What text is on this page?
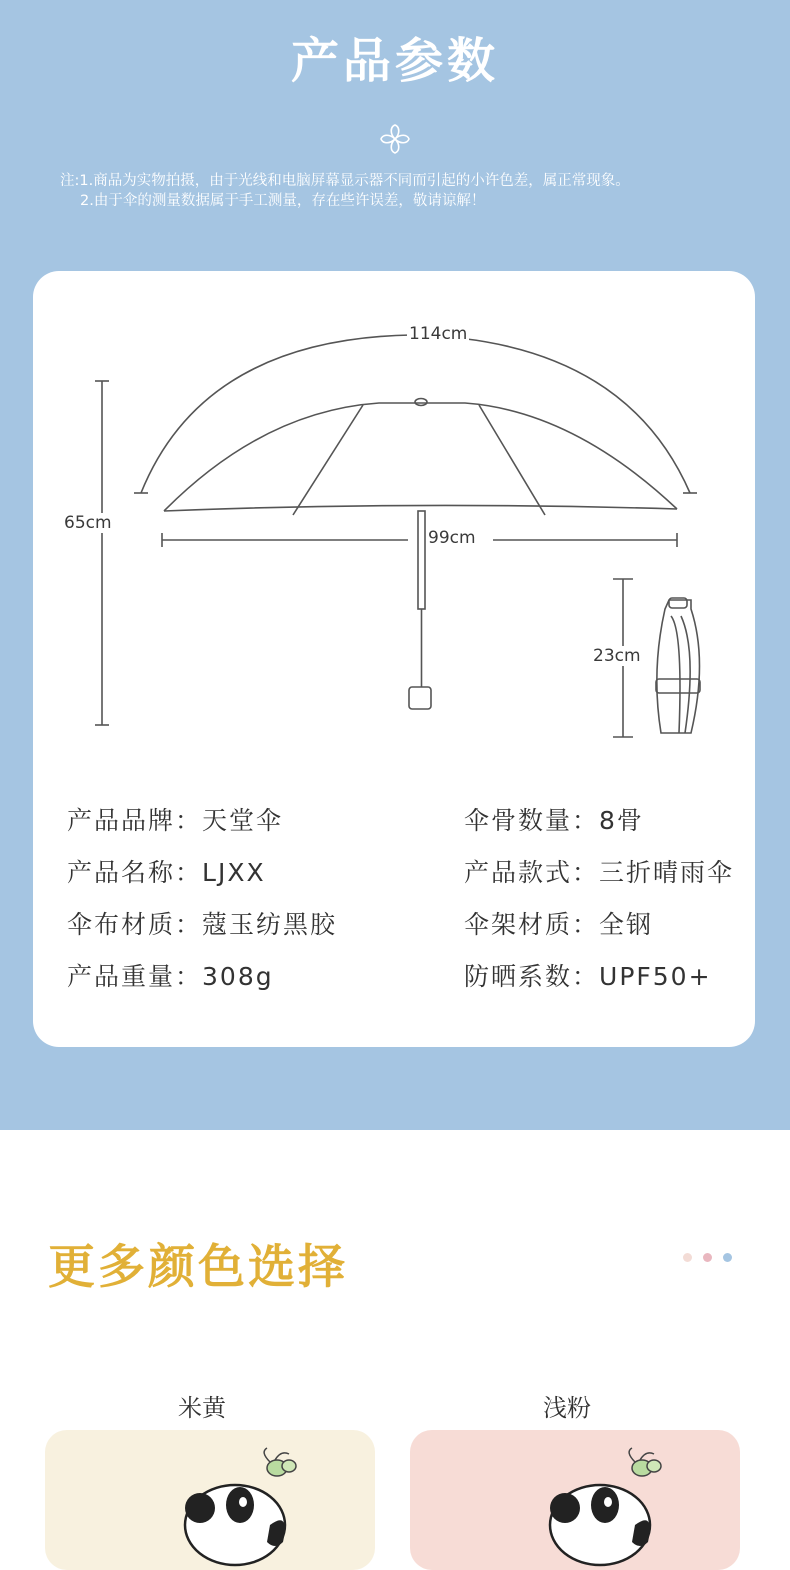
产品参数
注:1.商品为实物拍摄，由于光线和电脑屏幕显示器不同而引起的小许色差，属正常现象。
2.由于伞的测量数据属于手工测量，存在些许误差，敬请谅解！
114cm
65cm
99cm
23cm
产品品牌：天堂伞	伞骨数量：8骨
产品名称：LJXX	产品款式：三折晴雨伞
伞布材质：蔻玉纺黑胶	伞架材质：全钢
产品重量：308g	防晒系数：UPF50+
更多颜色选择
米黄	浅粉
